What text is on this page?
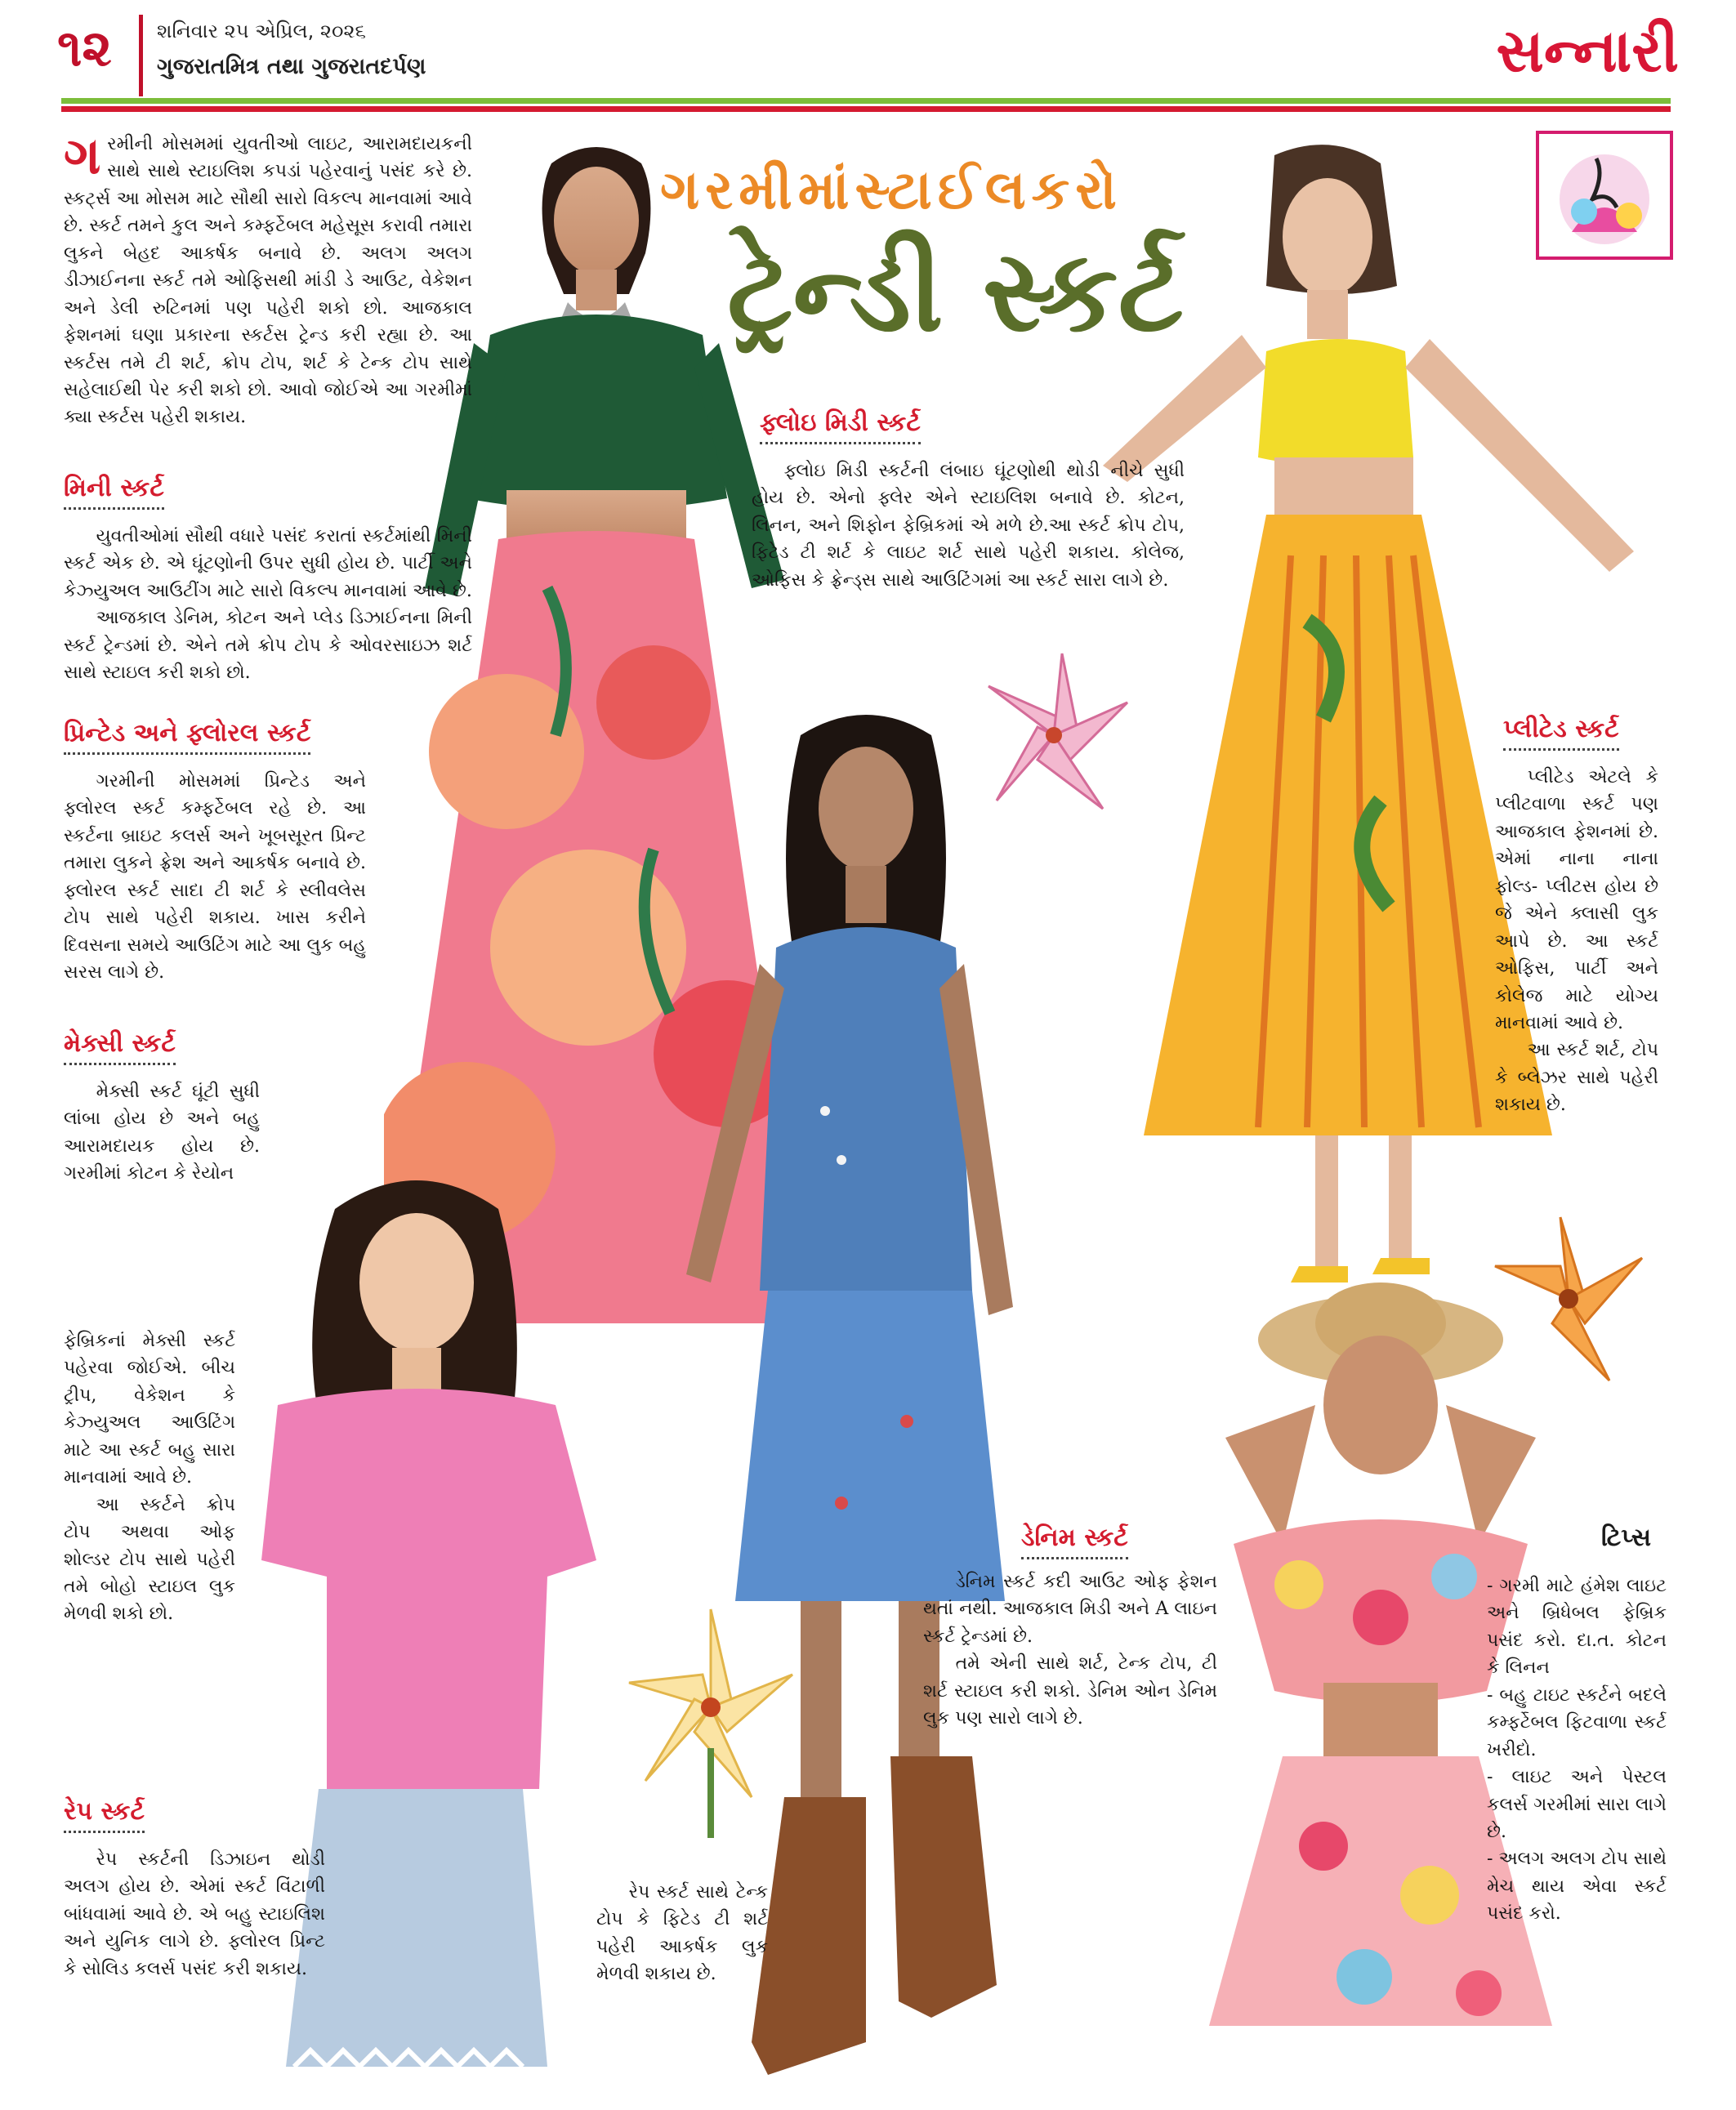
૧૨ શનિવાર ૨૫ એપ્રિલ, ૨૦૨૬
ગુજરાતમિત્ર તથા ગુજરાતદર્પણ	સન્નારી
ગરમીમાંસ્ટાઈલકરો
ટ્રેન્ડી સ્કર્ટ

ગરમીની મોસમમાં યુવતીઓ લાઇટ, આરામદાયકની સાથે સાથે સ્ટાઇલિશ કપડાં પહેરવાનું પસંદ કરે છે. સ્કર્ટ્સ આ મોસમ માટે સૌથી સારો વિકલ્પ માનવામાં આવે છે. સ્કર્ટ તમને કુલ અને કમ્ફર્ટેબલ મહેસૂસ કરાવી તમારા લુકને બેહદ આકર્ષક બનાવે છે. અલગ અલગ ડીઝાઈનના સ્કર્ટ તમે ઓફિસથી માંડી ડે આઉટ, વેકેશન અને ડેલી રુટિનમાં પણ પહેરી શકો છો. આજકાલ ફેશનમાં ઘણા પ્રકારના સ્કર્ટસ ટ્રેન્ડ કરી રહ્યા છે. આ સ્કર્ટસ તમે ટી શર્ટ, ક્રોપ ટોપ, શર્ટ કે ટેન્ક ટોપ સાથે સહેલાઈથી પેર કરી શકો છો. આવો જોઈએ આ ગરમીમાં ક્યા સ્કર્ટસ પહેરી શકાય.

મિની સ્કર્ટ

યુવતીઓમાં સૌથી વધારે પસંદ કરાતાં સ્કર્ટમાંથી મિની સ્કર્ટ એક છે. એ ઘૂંટણોની ઉપર સુધી હોય છે. પાર્ટી અને કેઝ્યુઅલ આઉટીંગ માટે સારો વિકલ્પ માનવામાં આવે છે.

આજકાલ ડેનિમ, કોટન અને પ્લેડ ડિઝાઈનના મિની સ્કર્ટ ટ્રેન્ડમાં છે. એને તમે ક્રોપ ટોપ કે ઓવરસાઇઝ શર્ટ સાથે સ્ટાઇલ કરી શકો છો.

પ્રિન્ટેડ અને ફ્લોરલ સ્કર્ટ

ગરમીની મોસમમાં પ્રિન્ટેડ અને ફ્લોરલ સ્કર્ટ કમ્ફર્ટેબલ રહે છે. આ સ્કર્ટના બ્રાઇટ કલર્સ અને ખૂબસૂરત પ્રિન્ટ તમારા લુકને ફ્રેશ અને આકર્ષક બનાવે છે. ફ્લોરલ સ્કર્ટ સાદા ટી શર્ટ કે સ્લીવલેસ ટોપ સાથે પહેરી શકાય. ખાસ કરીને દિવસના સમયે આઉટિંગ માટે આ લુક બહુ સરસ લાગે છે.

મેક્સી સ્કર્ટ

મેક્સી સ્કર્ટ ઘૂંટી સુધી લાંબા હોય છે અને બહુ આરામદાયક હોય છે. ગરમીમાં કોટન કે રેયોન

ફેબ્રિકનાં મેક્સી સ્કર્ટ પહેરવા જોઈએ. બીચ ટ્રીપ, વેકેશન કે કેઝ્યુઅલ આઉટિંગ માટે આ સ્કર્ટ બહુ સારા માનવામાં આવે છે.

આ સ્કર્ટને ક્રોપ ટોપ અથવા ઓફ શોલ્ડર ટોપ સાથે પહેરી તમે બોહો સ્ટાઇલ લુક મેળવી શકો છો.

રેપ સ્કર્ટ

રેપ સ્કર્ટની ડિઝાઇન થોડી અલગ હોય છે. એમાં સ્કર્ટ વિંટાળી બાંધવામાં આવે છે. એ બહુ સ્ટાઇલિશ અને યુનિક લાગે છે. ફ્લોરલ પ્રિન્ટ કે સોલિડ કલર્સ પસંદ કરી શકાય.

રેપ સ્કર્ટ સાથે ટેન્ક ટોપ કે ફિટેડ ટી શર્ટ પહેરી આકર્ષક લુક મેળવી શકાય છે.

ફ્લોઇ મિડી સ્કર્ટ

ફ્લોઇ મિડી સ્કર્ટની લંબાઇ ઘૂંટણોથી થોડી નીચે સુધી હોય છે. એનો ફ્લેર એને સ્ટાઇલિશ બનાવે છે. કોટન, લિનન, અને શિફોન ફેબ્રિકમાં એ મળે છે.આ સ્કર્ટ ક્રોપ ટોપ, ફિટેડ ટી શર્ટ કે લાઇટ શર્ટ સાથે પહેરી શકાય. કોલેજ, ઓફિસ કે ફ્રેન્ડ્સ સાથે આઉટિંગમાં આ સ્કર્ટ સારા લાગે છે.

પ્લીટેડ સ્કર્ટ

પ્લીટેડ એટલે કે પ્લીટવાળા સ્કર્ટ પણ આજકાલ ફેશનમાં છે. એમાં નાના નાના ફોલ્ડ- પ્લીટસ હોય છે જે એને ક્લાસી લુક આપે છે. આ સ્કર્ટ ઓફિસ, પાર્ટી અને કોલેજ માટે યોગ્ય માનવામાં આવે છે.

આ સ્કર્ટ શર્ટ, ટોપ કે બ્લેઝર સાથે પહેરી શકાય છે.

ડેનિમ સ્કર્ટ

ડેનિમ સ્કર્ટ કદી આઉટ ઓફ ફેશન થતાં નથી. આજકાલ મિડી અને A લાઇન સ્કર્ટ ટ્રેન્ડમાં છે.

તમે એની સાથે શર્ટ, ટેન્ક ટોપ, ટી શર્ટ સ્ટાઇલ કરી શકો. ડેનિમ ઓન ડેનિમ લુક પણ સારો લાગે છે.

ટિપ્સ

- ગરમી માટે હંમેશ લાઇટ અને બ્રિધેબલ ફેબ્રિક પસંદ કરો. દા.ત. કોટન કે લિનન

- બહુ ટાઇટ સ્કર્ટને બદલે કમ્ફર્ટેબલ ફિટવાળા સ્કર્ટ ખરીદો.

- લાઇટ અને પેસ્ટલ કલર્સ ગરમીમાં સારા લાગે છે.

- અલગ અલગ ટોપ સાથે મેચ થાય એવા સ્કર્ટ પસંદ કરો.
